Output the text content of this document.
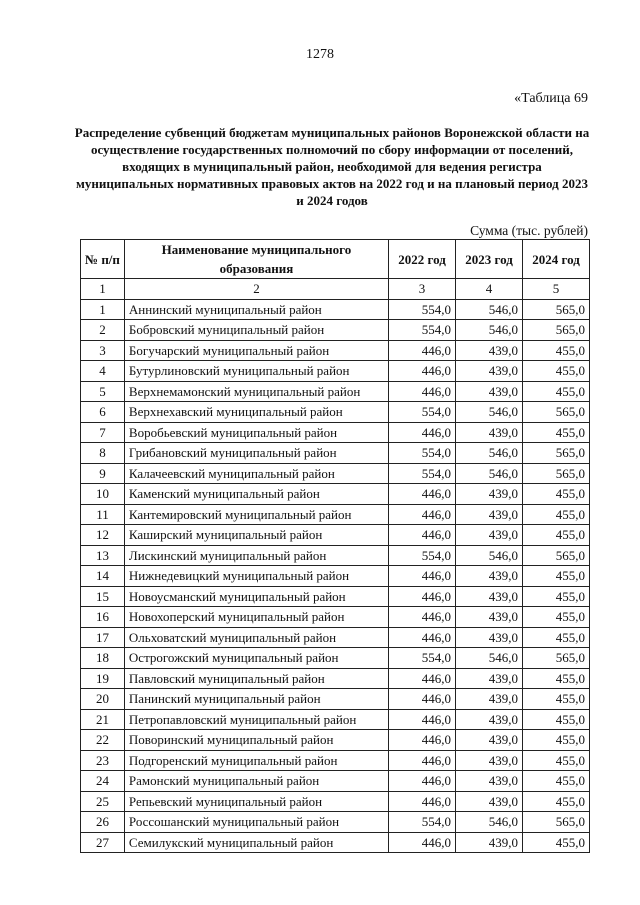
1278
«Таблица 69
Распределение субвенций бюджетам муниципальных районов Воронежской области на осуществление государственных полномочий по сбору информации от поселений, входящих в муниципальный район, необходимой для ведения регистра муниципальных нормативных правовых актов на 2022 год и на плановый период 2023 и 2024 годов
Сумма (тыс. рублей)
№ п/п	Наименование муниципального образования	2022 год	2023 год	2024 год
1	2	3	4	5
1	Аннинский муниципальный район	554,0	546,0	565,0
2	Бобровский муниципальный район	554,0	546,0	565,0
3	Богучарский муниципальный район	446,0	439,0	455,0
4	Бутурлиновский муниципальный район	446,0	439,0	455,0
5	Верхнемамонский муниципальный район	446,0	439,0	455,0
6	Верхнехавский муниципальный район	554,0	546,0	565,0
7	Воробьевский муниципальный район	446,0	439,0	455,0
8	Грибановский муниципальный район	554,0	546,0	565,0
9	Калачеевский муниципальный район	554,0	546,0	565,0
10	Каменский муниципальный район	446,0	439,0	455,0
11	Кантемировский муниципальный район	446,0	439,0	455,0
12	Каширский муниципальный район	446,0	439,0	455,0
13	Лискинский муниципальный район	554,0	546,0	565,0
14	Нижнедевицкий муниципальный район	446,0	439,0	455,0
15	Новоусманский муниципальный район	446,0	439,0	455,0
16	Новохоперский муниципальный район	446,0	439,0	455,0
17	Ольховатский муниципальный район	446,0	439,0	455,0
18	Острогожский муниципальный район	554,0	546,0	565,0
19	Павловский муниципальный район	446,0	439,0	455,0
20	Панинский муниципальный район	446,0	439,0	455,0
21	Петропавловский муниципальный район	446,0	439,0	455,0
22	Поворинский муниципальный район	446,0	439,0	455,0
23	Подгоренский муниципальный район	446,0	439,0	455,0
24	Рамонский муниципальный район	446,0	439,0	455,0
25	Репьевский муниципальный район	446,0	439,0	455,0
26	Россошанский муниципальный район	554,0	546,0	565,0
27	Семилукский муниципальный район	446,0	439,0	455,0
